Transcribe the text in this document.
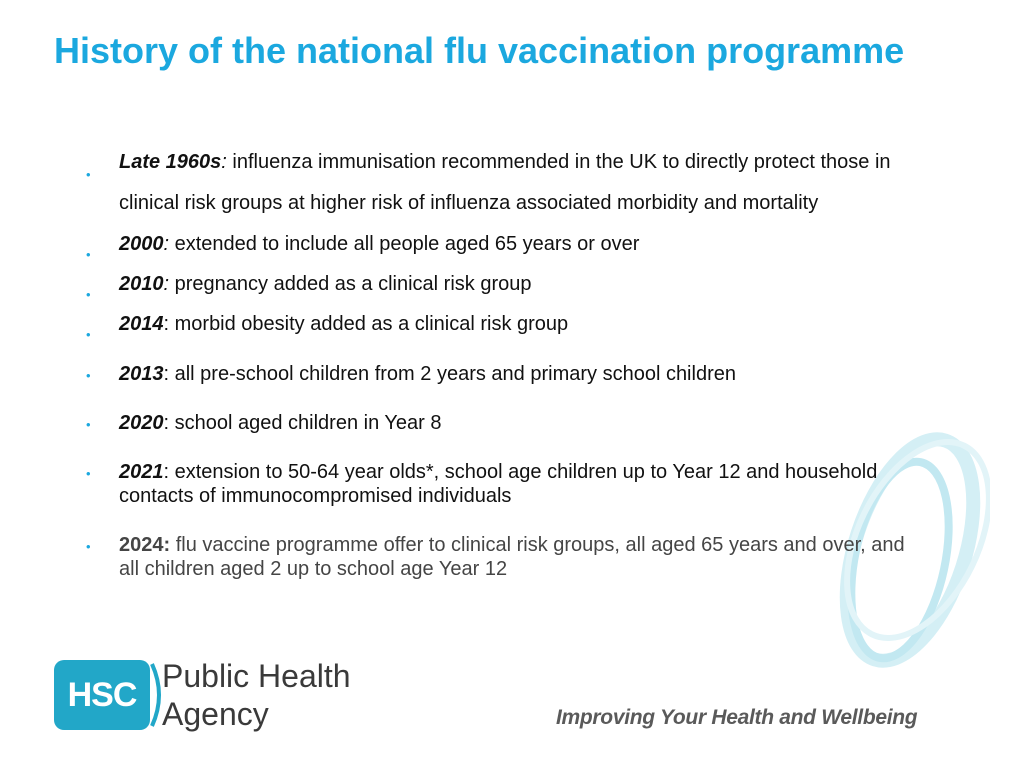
History of the national flu vaccination programme
•
Late 1960s: influenza immunisation recommended in the UK to directly protect those in clinical risk groups at higher risk of influenza associated morbidity and mortality
• 2000: extended to include all people aged 65 years or over
• 2010: pregnancy added as a clinical risk group
• 2014: morbid obesity added as a clinical risk group
• 2013: all pre-school children from 2 years and primary school children
• 2020: school aged children in Year 8
• 2021: extension to 50-64 year olds*, school age children up to Year 12 and household contacts of immunocompromised individuals
• 2024: flu vaccine programme offer to clinical risk groups, all aged 65 years and over, and all children aged 2 up to school age Year 12
HSC Public Health
Agency	Improving Your Health and Wellbeing
